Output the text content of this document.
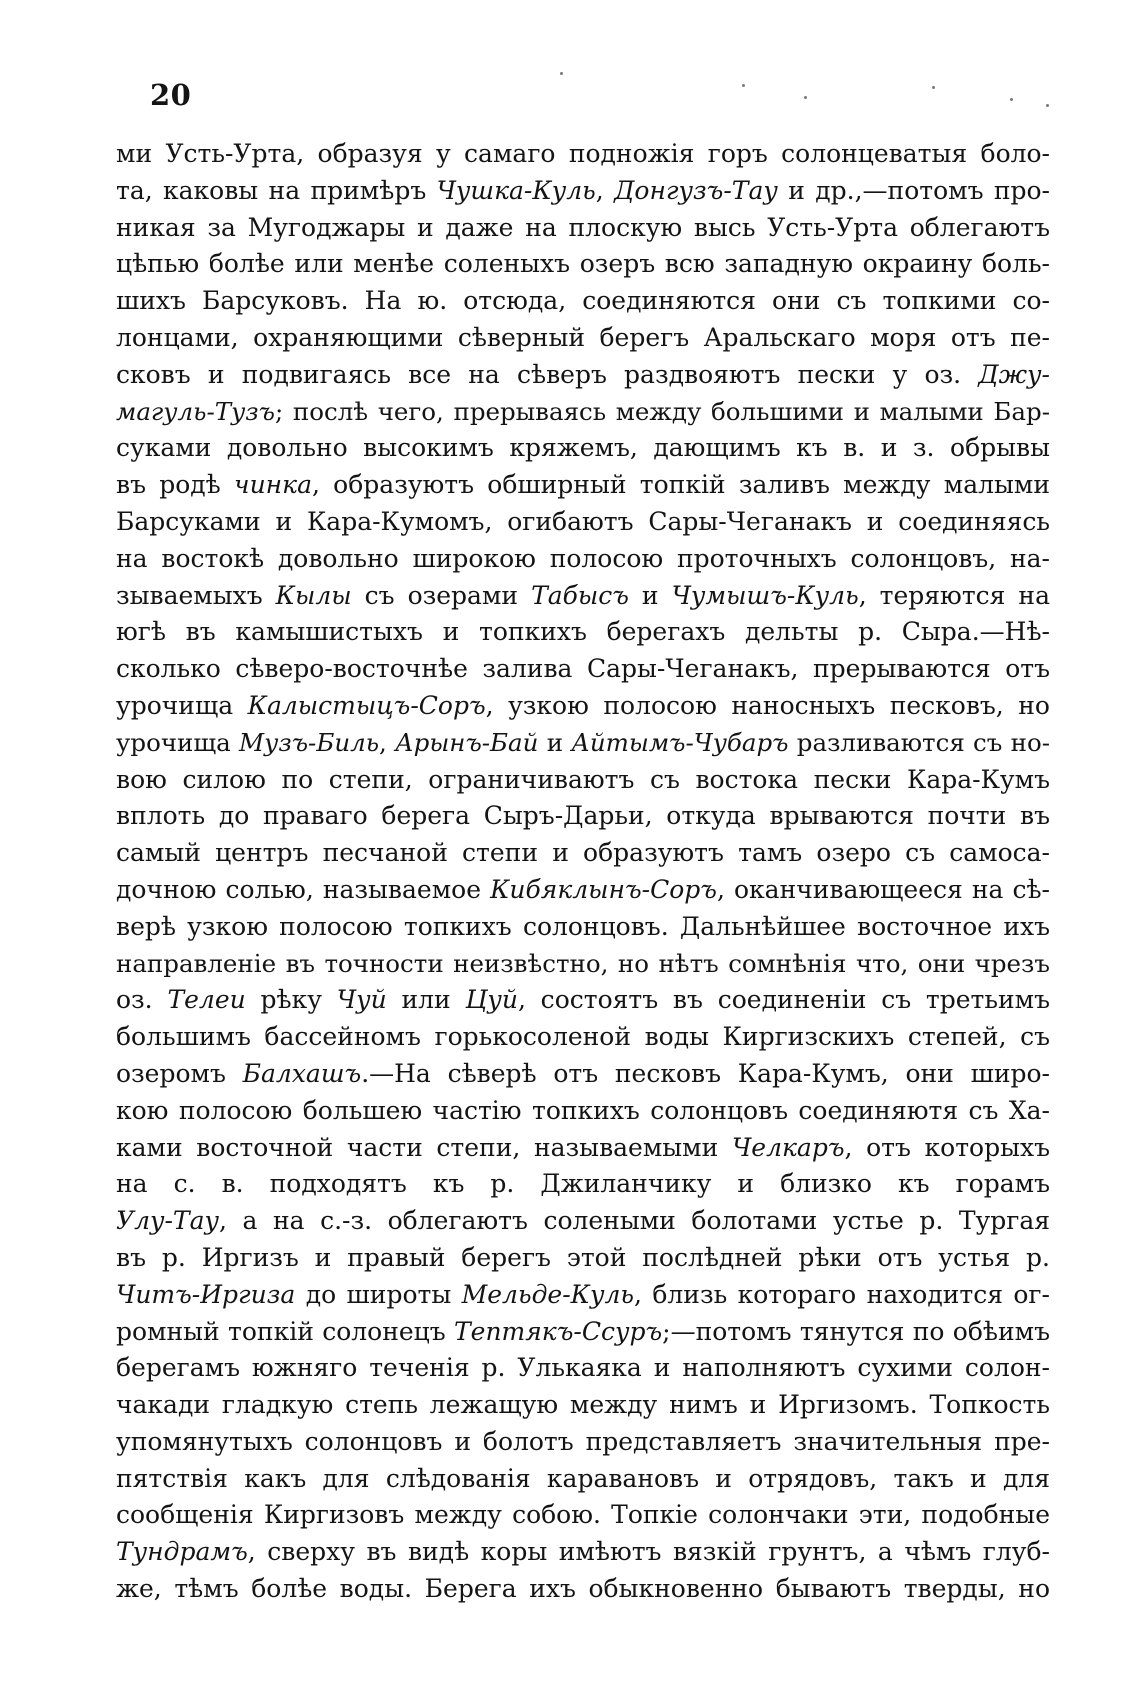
20
ми Усть-Урта, образуя у самаго подножія горъ солонцеватыя боло-
та, каковы на примѣръ Чушка-Куль, Донгузъ-Тау и др.,—потомъ про-
никая за Мугоджары и даже на плоскую высь Усть-Урта облегаютъ
цѣпью болѣе или менѣе соленыхъ озеръ всю западную окраину боль-
шихъ Барсуковъ. На ю. отсюда, соединяются они съ топкими со-
лонцами, охраняющими сѣверный берегъ Аральскаго моря отъ пе-
сковъ и подвигаясь все на сѣверъ раздвояютъ пески у оз. Джу-
магуль-Тузъ; послѣ чего, прерываясь между большими и малыми Бар-
суками довольно высокимъ кряжемъ, дающимъ къ в. и з. обрывы
въ родѣ чинка, образуютъ обширный топкій заливъ между малыми
Барсуками и Кара-Кумомъ, огибаютъ Сары-Чеганакъ и соединяясь
на востокѣ довольно широкою полосою проточныхъ солонцовъ, на-
зываемыхъ Кылы съ озерами Табысъ и Чумышъ-Куль, теряются на
югѣ въ камышистыхъ и топкихъ берегахъ дельты р. Сыра.—Нѣ-
сколько сѣверо-восточнѣе залива Сары-Чеганакъ, прерываются отъ
урочища Калыстыцъ-Соръ, узкою полосою наносныхъ песковъ, но
урочища Музъ-Биль, Арынъ-Бай и Айтымъ-Чубаръ разливаются съ но-
вою силою по степи, ограничиваютъ съ востока пески Кара-Кумъ
вплоть до праваго берега Сыръ-Дарьи, откуда врываются почти въ
самый центръ песчаной степи и образуютъ тамъ озеро съ самоса-
дочною солью, называемое Кибяклынъ-Соръ, оканчивающееся на сѣ-
верѣ узкою полосою топкихъ солонцовъ. Дальнѣйшее восточное ихъ
направленіе въ точности неизвѣстно, но нѣтъ сомнѣнія что, они чрезъ
оз. Телеи рѣку Чуй или Цуй, состоятъ въ соединеніи съ третьимъ
большимъ бассейномъ горькосоленой воды Киргизскихъ степей, съ
озеромъ Балхашъ.—На сѣверѣ отъ песковъ Кара-Кумъ, они широ-
кою полосою большею частію топкихъ солонцовъ соединяютя съ Ха-
ками восточной части степи, называемыми Челкаръ, отъ которыхъ
на с. в. подходятъ къ р. Джиланчику и близко къ горамъ
Улу-Тау, а на с.-з. облегаютъ солеными болотами устье р. Тургая
въ р. Иргизъ и правый берегъ этой послѣдней рѣки отъ устья р.
Читъ-Иргиза до широты Мельде-Куль, близь котораго находится ог-
ромный топкій солонецъ Тептякъ-Ссуръ;—потомъ тянутся по обѣимъ
берегамъ южняго теченія р. Улькаяка и наполняютъ сухими солон-
чакади гладкую степь лежащую между нимъ и Иргизомъ. Топкость
упомянутыхъ солонцовъ и болотъ представляетъ значительныя пре-
пятствія какъ для слѣдованія каравановъ и отрядовъ, такъ и для
сообщенія Киргизовъ между собою. Топкіе солончаки эти, подобные
Тундрамъ, сверху въ видѣ коры имѣютъ вязкій грунтъ, а чѣмъ глуб-
же, тѣмъ болѣе воды. Берега ихъ обыкновенно бываютъ тверды, но
